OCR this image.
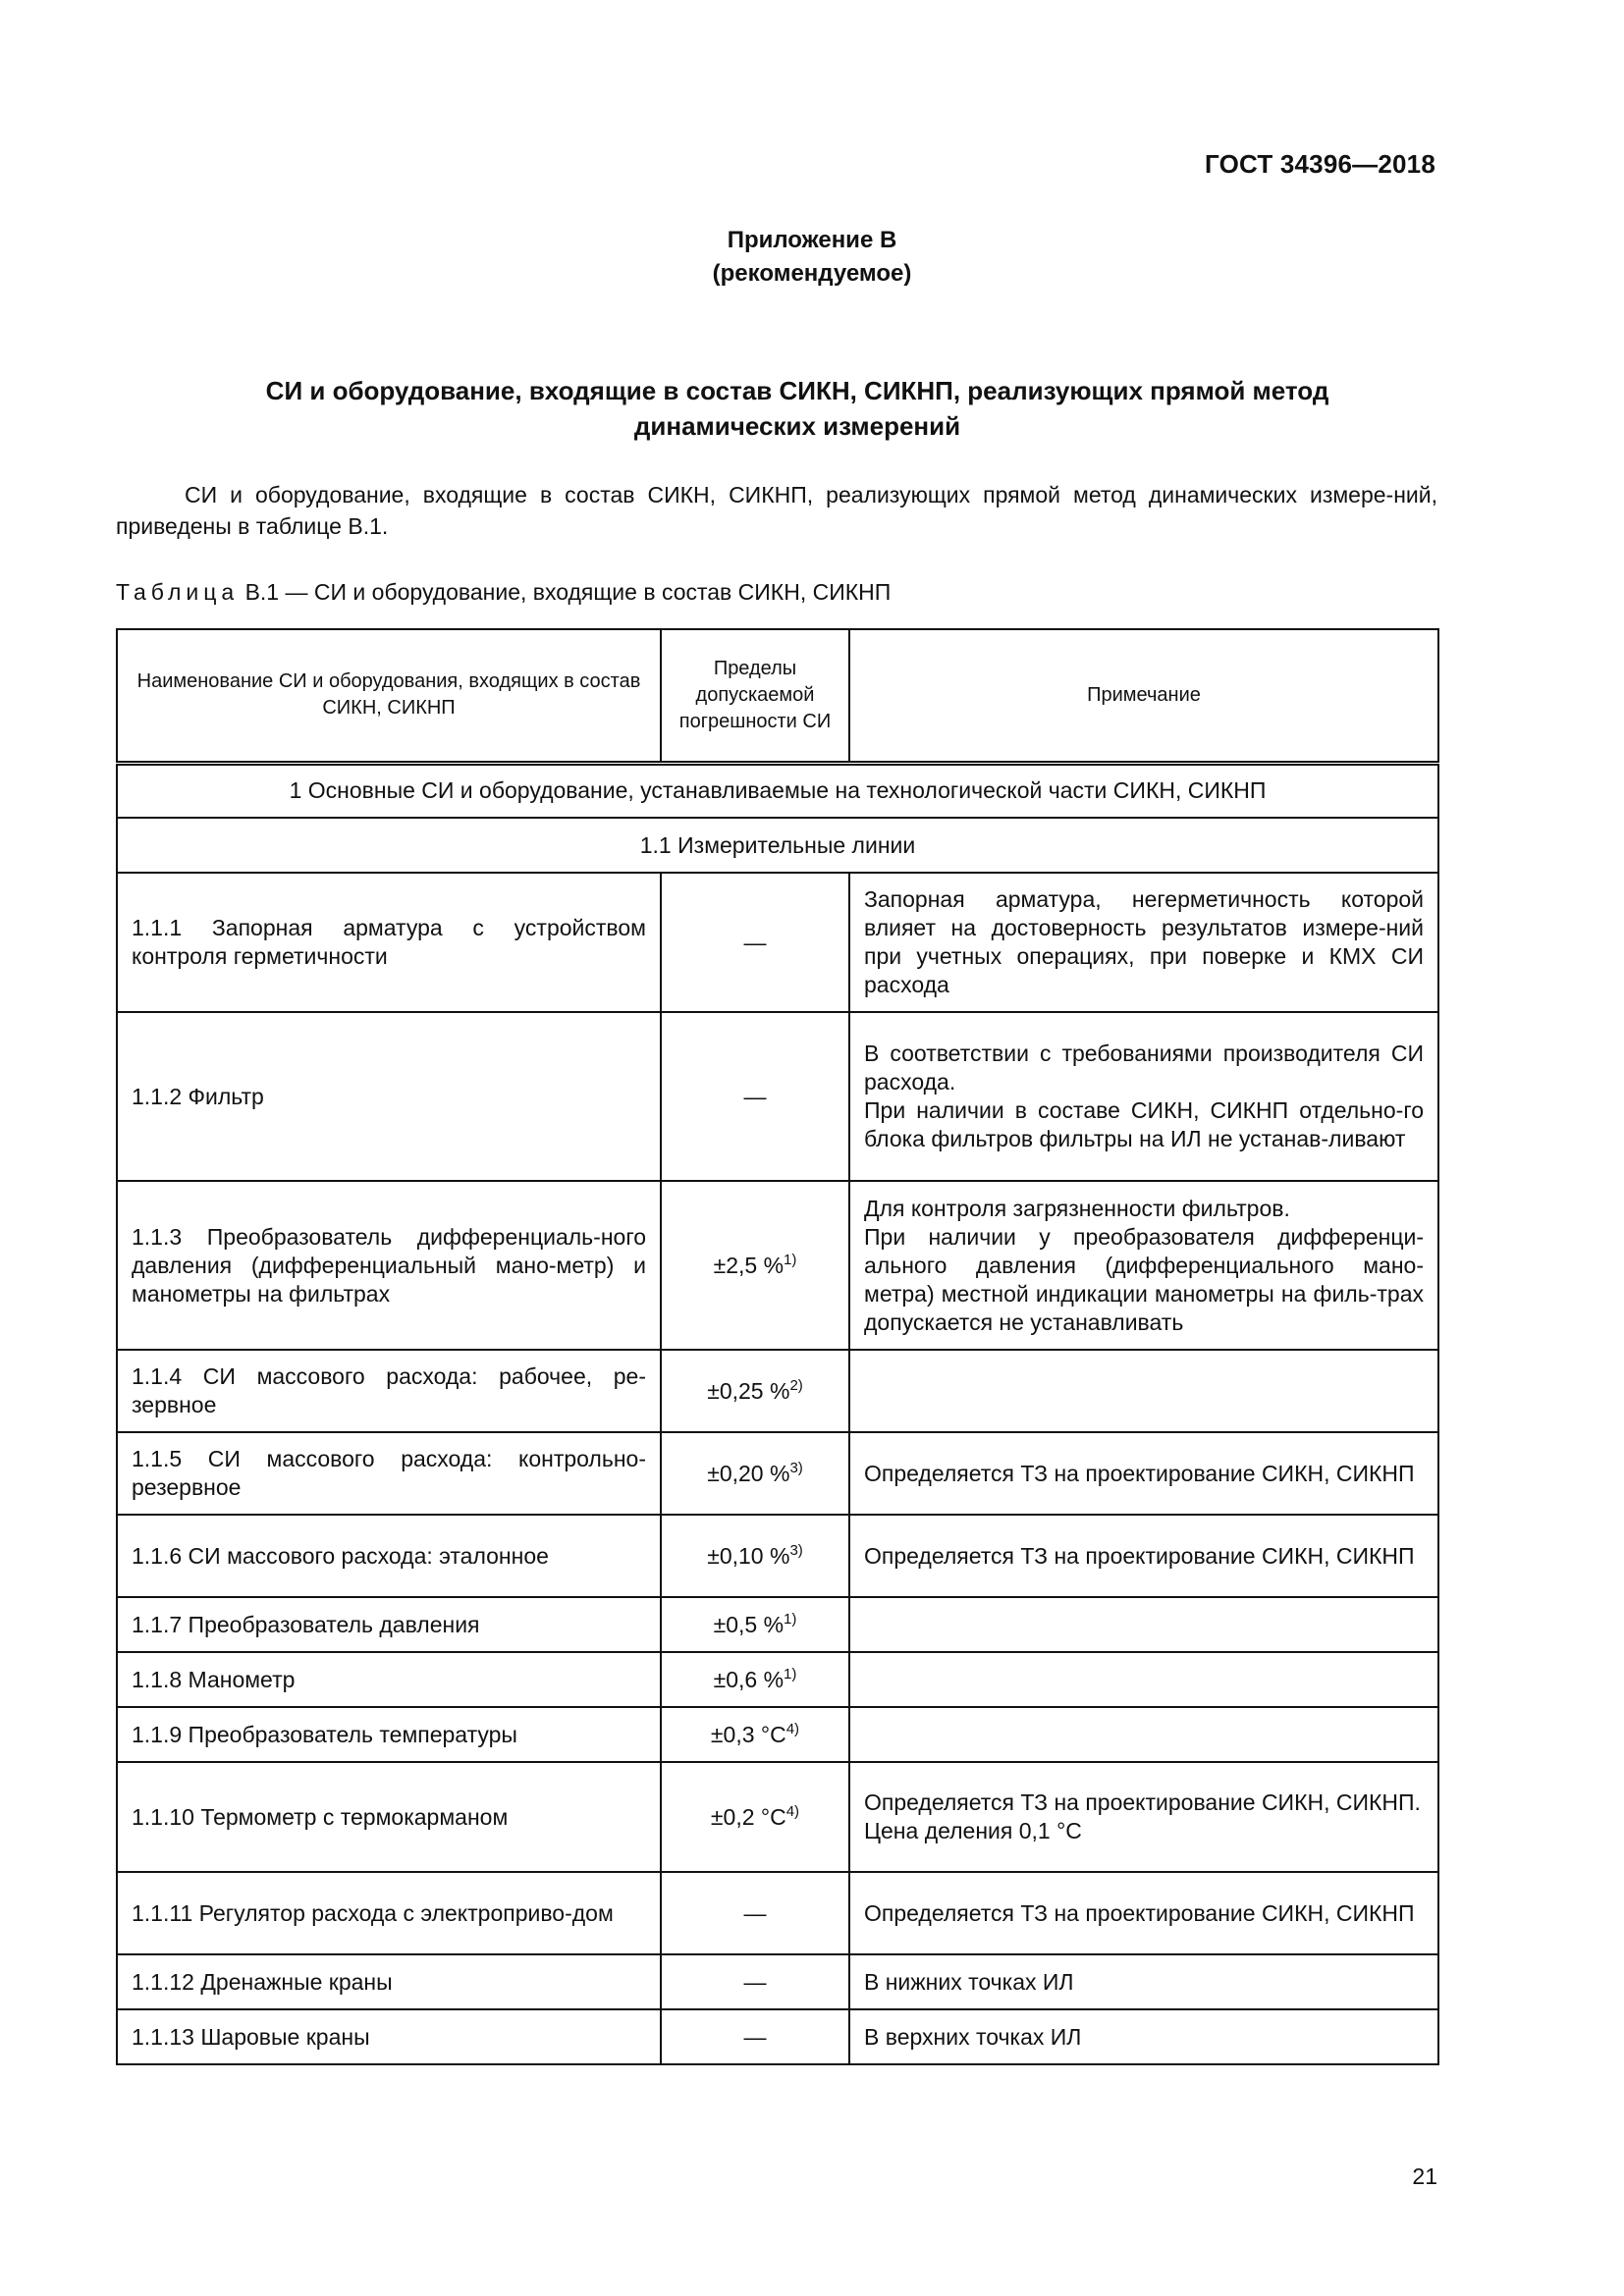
ГОСТ 34396—2018
Приложение В
(рекомендуемое)
СИ и оборудование, входящие в состав СИКН, СИКНП, реализующих прямой метод
динамических измерений
СИ и оборудование, входящие в состав СИКН, СИКНП, реализующих прямой метод динамических измере-ний, приведены в таблице В.1.
Таблица В.1 — СИ и оборудование, входящие в состав СИКН, СИКНП
Наименование СИ и оборудования, входящих в состав СИКН, СИКНП	Пределы допускаемой погрешности СИ	Примечание
1 Основные СИ и оборудование, устанавливаемые на технологической части СИКН, СИКНП		
1.1 Измерительные линии		
1.1.1 Запорная арматура с устройством контроля герметичности	—	Запорная арматура, негерметичность которой влияет на достоверность результатов измере-ний при учетных операциях, при поверке и КМХ СИ расхода

1.1.2 Фильтр	—	В соответствии с требованиями производителя СИ расхода.
При наличии в составе СИКН, СИКНП отдельно-го блока фильтров фильтры на ИЛ не устанав-ливают

1.1.3 Преобразователь дифференциаль-ного давления (дифференциальный мано-метр) и манометры на фильтрах	±2,5 %$^{1)}$	Для контроля загрязненности фильтров.
При наличии у преобразователя дифференци-ального давления (дифференциального мано-метра) местной индикации манометры на филь-трах допускается не устанавливать

1.1.4 СИ массового расхода: рабочее, ре-зервное	±0,25 %$^{2)}$	
1.1.5 СИ массового расхода: контрольно-резервное	±0,20 %$^{3)}$	Определяется ТЗ на проектирование СИКН, СИКНП

1.1.6 СИ массового расхода: эталонное	±0,10 %$^{3)}$	Определяется ТЗ на проектирование СИКН, СИКНП

1.1.7 Преобразователь давления	±0,5 %$^{1)}$	
1.1.8 Манометр	±0,6 %$^{1)}$	
1.1.9 Преобразователь температуры	±0,3 $^\circ С^{4)}$	
1.1.10 Термометр с термокарманом	±0,2 $^\circ С^{4)}$	Определяется ТЗ на проектирование СИКН, СИКНП.
Цена деления 0,1 °С

1.1.11 Регулятор расхода с электроприво-дом	—	Определяется ТЗ на проектирование СИКН, СИКНП

1.1.12 Дренажные краны	—	В нижних точках ИЛ

1.1.13 Шаровые краны	—	В верхних точках ИЛ
21
